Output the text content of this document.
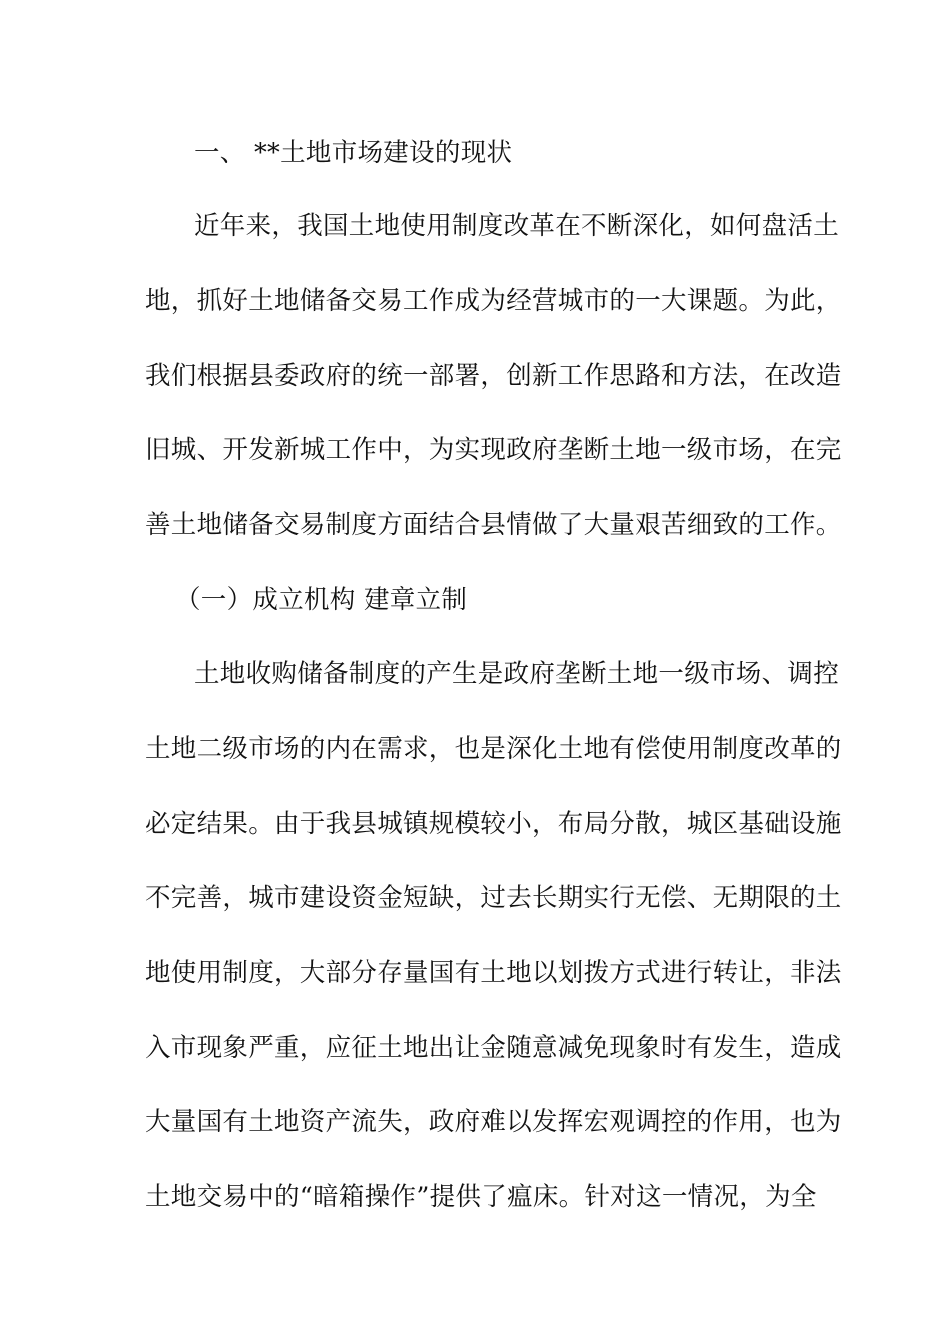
一、 **土地市场建设的现状
近年来，我国土地使用制度改革在不断深化，如何盘活土
地，抓好土地储备交易工作成为经营城市的一大课题。为此，
我们根据县委政府的统一部署，创新工作思路和方法，在改造
旧城、开发新城工作中，为实现政府垄断土地一级市场，在完
善土地储备交易制度方面结合县情做了大量艰苦细致的工作。
（一）成立机构 建章立制
土地收购储备制度的产生是政府垄断土地一级市场、调控
土地二级市场的内在需求，也是深化土地有偿使用制度改革的
必定结果。由于我县城镇规模较小，布局分散，城区基础设施
不完善，城市建设资金短缺，过去长期实行无偿、无期限的土
地使用制度，大部分存量国有土地以划拨方式进行转让，非法
入市现象严重，应征土地出让金随意减免现象时有发生，造成
大量国有土地资产流失，政府难以发挥宏观调控的作用，也为
土地交易中的“暗箱操作”提供了瘟床。针对这一情况，为全
